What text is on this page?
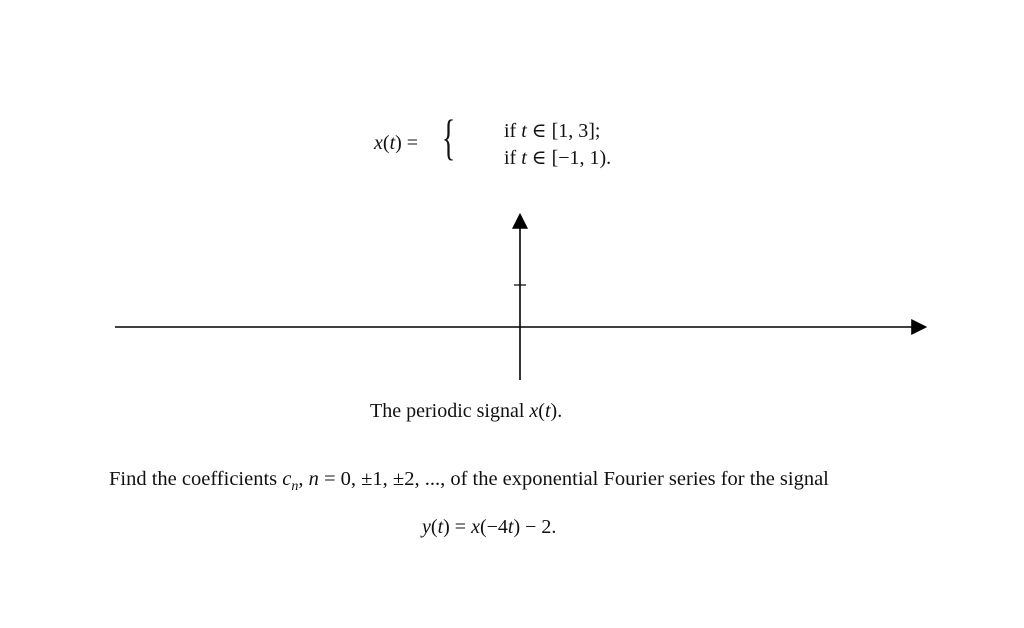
x(t) = { if t ∈ [1, 3];
if t ∈ [−1, 1).
The periodic signal x(t).
Find the coefficients $c_n$, n = 0, ±1, ±2, ..., of the exponential Fourier series for the signal
y(t) = x(−4t) − 2.
